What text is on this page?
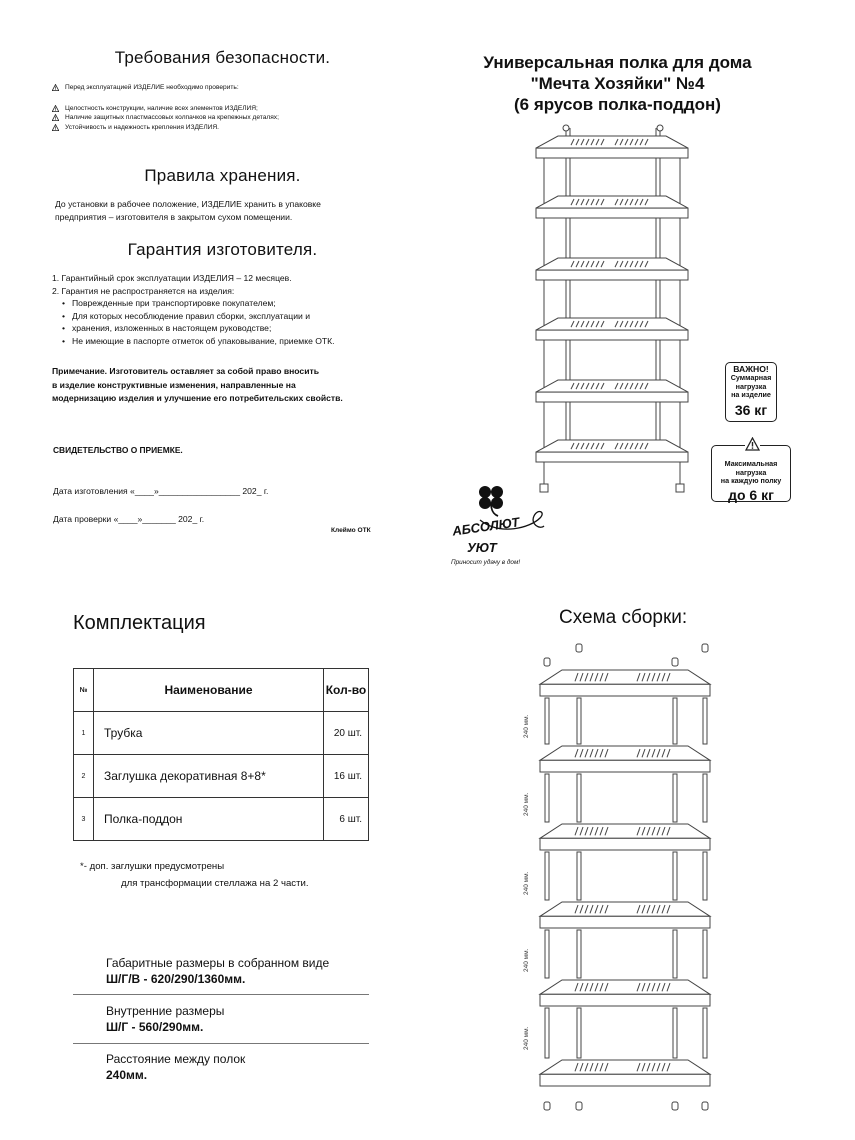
Требования безопасности.
Перед эксплуатацией ИЗДЕЛИЕ необходимо проверить:
Целостность конструкции, наличие всех элементов ИЗДЕЛИЯ;
Наличие защитных пластмассовых колпачков на крепежных деталях;
Устойчивость и надежность крепления ИЗДЕЛИЯ.
Правила хранения.
До установки в рабочее положение, ИЗДЕЛИЕ хранить в упаковке
предприятия – изготовителя в закрытом сухом помещении.
Гарантия изготовителя.
1. Гарантийный срок эксплуатации ИЗДЕЛИЯ – 12 месяцев.
2. Гарантия не распространяется на изделия:
• Поврежденные при транспортировке покупателем;
• Для которых несоблюдение правил сборки, эксплуатации и
• хранения, изложенных в настоящем руководстве;
• Не имеющие в паспорте отметок об упаковывание, приемке ОТК.
Примечание. Изготовитель оставляет за собой право вносить
в изделие конструктивные изменения, направленные на
модернизацию изделия и улучшение его потребительских свойств.
СВИДЕТЕЛЬСТВО О ПРИЕМКЕ.
Дата изготовления «____»_________________ 202_ г.
Дата проверки «____»_______ 202_ г.
Клеймо ОТК
Универсальная полка для дома
"Мечта Хозяйки" №4
(6 ярусов полка-поддон)
ВАЖНО!
Суммарная
нагрузка
на изделие
36 кг
Максимальная
нагрузка
на каждую полку
до 6 кг
АБСОЛЮТ
УЮТ
Приносит удачу в дом!
Комплектация
№	Наименование	Кол-во
1	Трубка	20 шт.
2	Заглушка декоративная 8+8*	16 шт.
3	Полка-поддон	6 шт.
*- доп. заглушки предусмотрены
для трансформации стеллажа на 2 части.
Габаритные размеры в собранном виде
Ш/Г/В - 620/290/1360мм.
Внутренние размеры
Ш/Г - 560/290мм.
Расстояние между полок
240мм.
Схема сборки:
240 мм.
240 мм.
240 мм.
240 мм.
240 мм.
